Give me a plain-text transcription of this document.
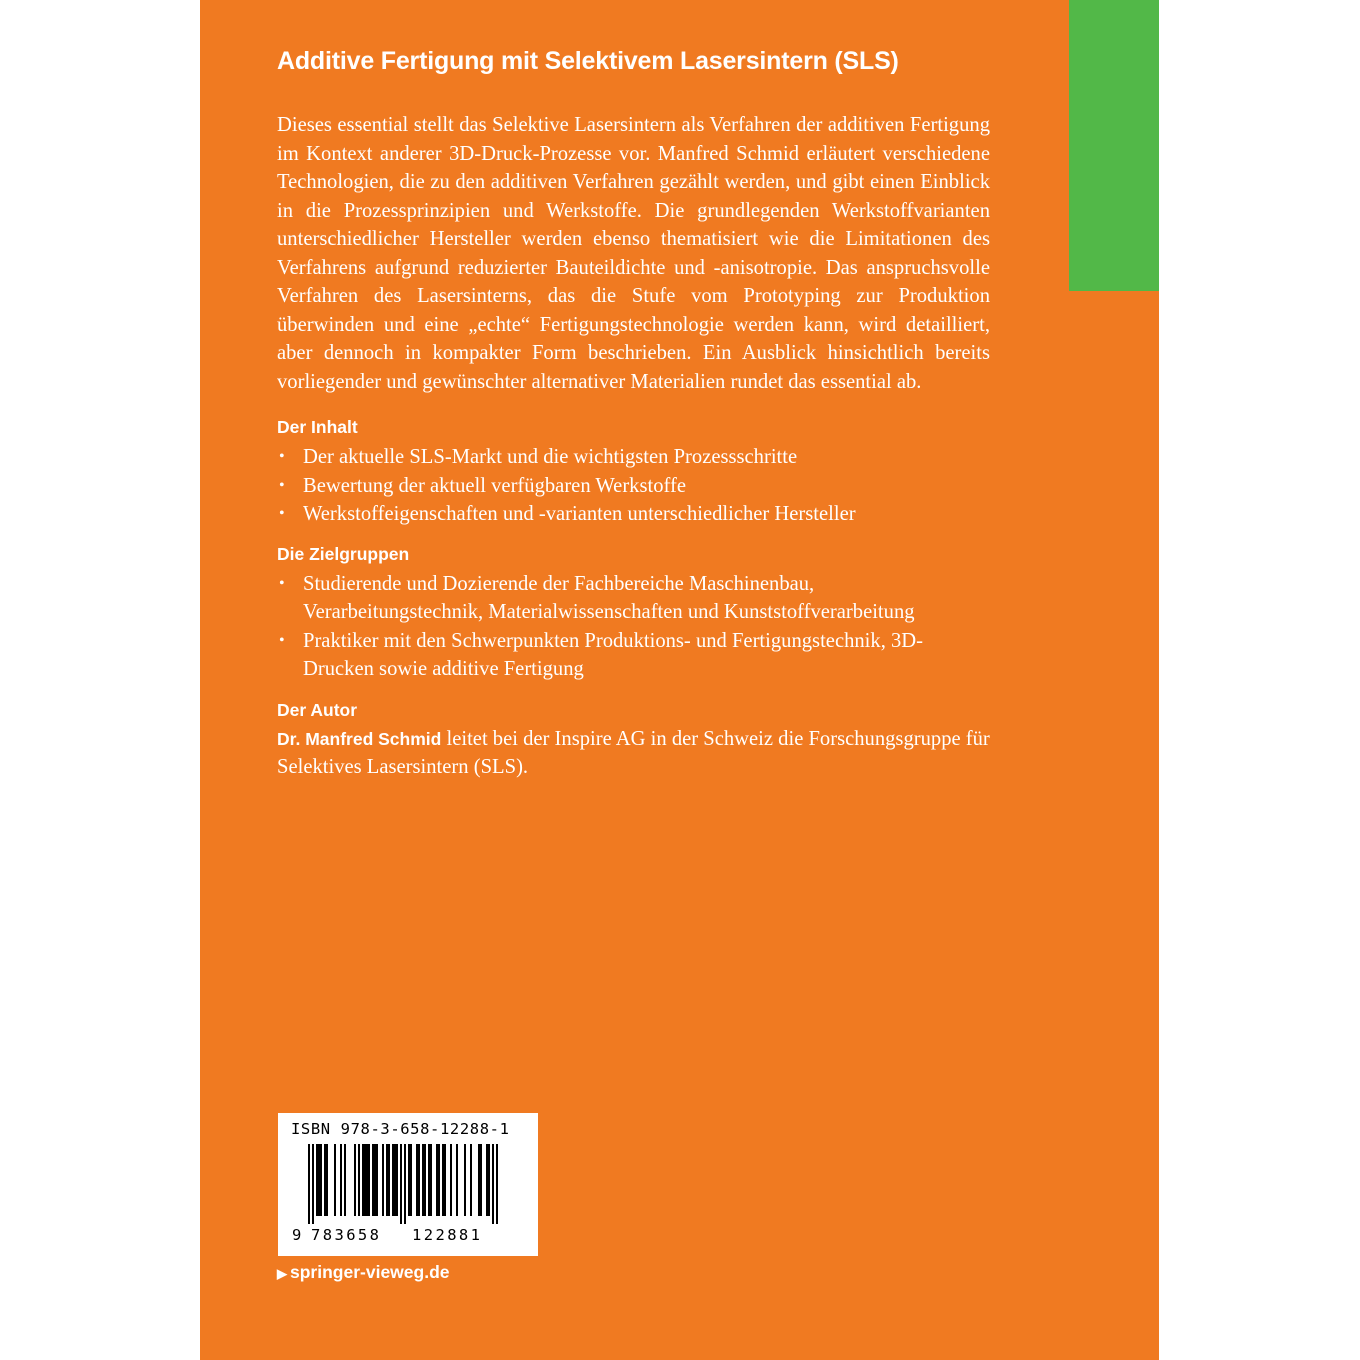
Additive Fertigung mit Selektivem Lasersintern (SLS)

Dieses essential stellt das Selektive Lasersintern als Verfahren der additiven Fertigung im Kontext anderer 3D-Druck-Prozesse vor. Manfred Schmid erläutert verschiedene Technologien, die zu den additiven Verfahren gezählt werden, und gibt einen Einblick in die Prozessprinzipien und Werkstoffe. Die grundlegenden Werkstoffvarianten unterschiedlicher Hersteller werden ebenso thematisiert wie die Limitationen des Verfahrens aufgrund reduzierter Bauteildichte und -anisotropie. Das anspruchsvolle Verfahren des Lasersinterns, das die Stufe vom Prototyping zur Produktion überwinden und eine „echte“ Fertigungstechnologie werden kann, wird detailliert, aber dennoch in kompakter Form beschrieben. Ein Ausblick hinsichtlich bereits vorliegender und gewünschter alternativer Materialien rundet das essential ab.

Der Inhalt
• Der aktuelle SLS-Markt und die wichtigsten Prozessschritte
• Bewertung der aktuell verfügbaren Werkstoffe
• Werkstoffeigenschaften und -varianten unterschiedlicher Hersteller
Die Zielgruppen
• Studierende und Dozierende der Fachbereiche Maschinenbau, Verarbeitungstechnik, Materialwissenschaften und Kunststoffverarbeitung
• Praktiker mit den Schwerpunkten Produktions- und Fertigungstechnik, 3D-Drucken sowie additive Fertigung
Der Autor

Dr. Manfred Schmid leitet bei der Inspire AG in der Schweiz die Forschungsgruppe für Selektives Lasersintern (SLS).

ISBN 978-3-658-12288-1

9 783658 122881

▶ springer-vieweg.de
